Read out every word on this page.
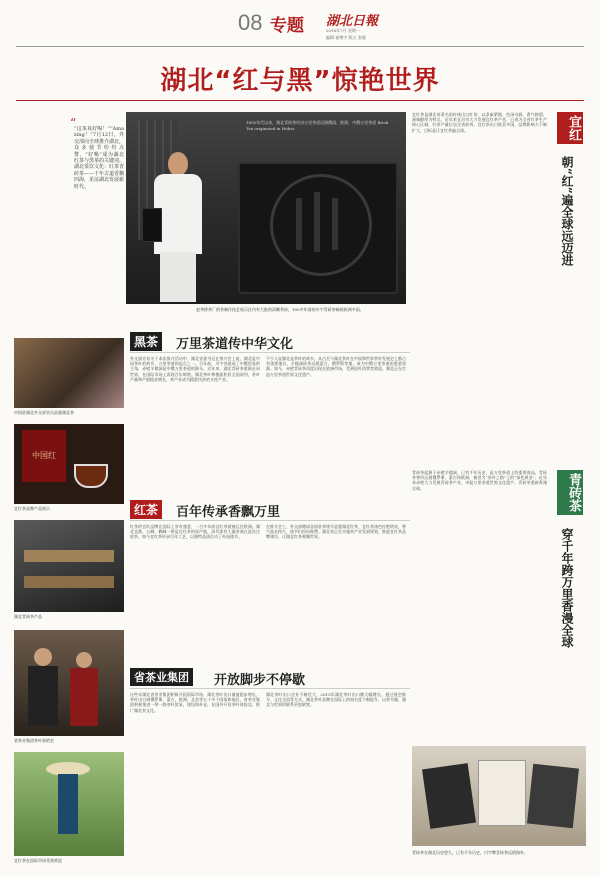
08 专题 湖北日報
2016年7月 星期一
编辑 崔博宇 版式 张舰
湖北“红与黑”惊艳世界
“这茶真好喝！”“Amazing！”7月12日，外交部向全球推介湖北，众多使节纷纷点赞，“好喝”成为湖北红茶与黑茶的关键词。湖北茶饮文化：红茶青砖茶——千年古道香飘四海，见证湖北发展新时代。
“	1850年代以来，湖北青砖茶经由万里茶道远销俄国、欧洲，中俄万里茶道 Brick Tea originated in Hubei
赵李桥茶厂的茶制作技艺展示区内有大批的清晰茶砖，100多年前的川字青砖茶畅销欧洲多国。
宜红茶是湖北省著名的传统出口红茶，以条索紧细、色泽乌润、香气鲜甜、滋味醇厚为特点。近年来宜昌市大力发展宜红茶产业，已成为全省红茶生产核心区域，红茶产量位居全省前列。宜红茶出口欧美多国，品牌影响力不断扩大，目标是让宜红茶遍全球。	宜红
朝“红”遍全球远迈进
黑茶	万里茶道传中华文化
外交部宣布关于本次推介活动中，湖北省委书记在推介会上说，湖北是中国茶叶的故乡，万里茶道的起点之一。百年前，川字茶就成了中俄贸易的主角，赤壁羊楼洞是中俄万里茶道的源头。近年来，湖北青砖茶重新走向世界，在国际市场上再现百年辉煌。湖北茶叶种植面积居全国前列，茶叶产量和产值稳步增长，茶产业成为精准扶贫的支柱产业。
不少人说湖北是茶叶的故乡，从古至今湖北茶叶在中国和世界茶叶发展史上都占有重要地位。羊楼洞砖茶远销蒙古、俄罗斯等地，成为中俄万里茶道的重要货源。如今，赤壁青砖茶再度出现在欧洲市场，受到国外消费者欢迎。湖北正在打造万里茶道世界文化遗产。
红茶	百年传承香飘万里
红茶的宜红品牌在国际上享有盛誉，一百多年前宜红茶就被运往欧洲。湖北宜都、五峰、鹤峰一带是宜红茶的原产地，清代即有大量茶商在此设庄收茶。如今宜红茶传承百年工艺，以独特品质打动了外国使节。
在推介会上，外交部邀请各国驻华使节品鉴湖北红茶，宜红茶汤色红艳明亮，香气高长持久，使节们纷纷称赞。湖北省正在实施茶产业发展规划，推进宜红茶品牌建设，让湖北红茶香飘世界。
省茶业集团	开放脚步不停歇
这些年湖北省茶业集团积极开拓国际市场，湖北茶叶出口量值稳步增长，茶叶出口到俄罗斯、蒙古、欧洲、北美等五十多个国家和地区。省茶业集团积极推进一带一路茶叶贸易，建设海外仓，在国外开设茶叶体验店，推广湖北茶文化。
湖北茶叶出口企业不断壮大，2015年湖北茶叶出口额大幅增长。通过展会推介、文化交流等方式，湖北茶叶品牌在国际上的知名度不断提升，以茶为媒，湖北与世界的联系更加紧密。
中国驻湖北外交部官员品鉴湖北茶
中国红
宜红茶品牌产品展示
湖北青砖茶产品
省茶业集团茶叶展销会
宜红茶在国际市场受到欢迎
青砖茶起源于赤壁羊楼洞，已有千年历史，是万里茶道上的重要商品。青砖茶曾经远销俄罗斯、蒙古和欧洲，被誉为“茶叶之路”上的“绿色黄金”。近年来赤壁大力发展青砖茶产业，申报万里茶道世界文化遗产，青砖茶重新香漫全球。	青砖茶
穿千年跨万里香漫全球
青砖茶在湖北历史悠久，已有千年历史，川字牌青砖茶远销海外。
